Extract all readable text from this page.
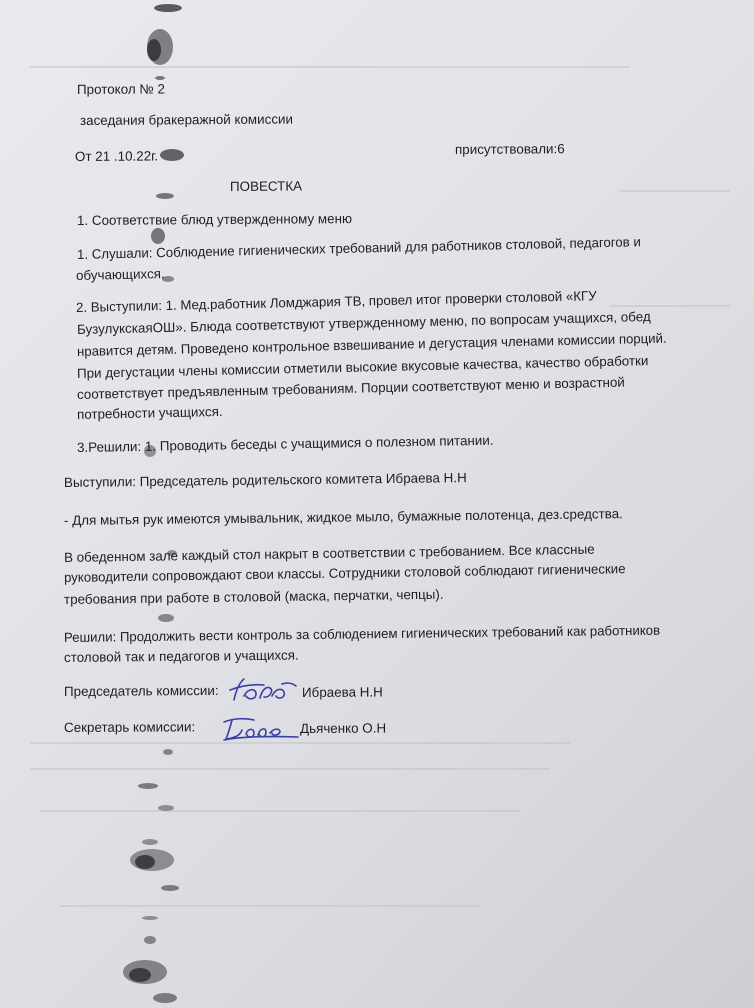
Протокол № 2

заседания бракеражной комиссии

От 21 .10.22г.	присутствовали:6

ПОВЕСТКА

1. Соответствие блюд утвержденному меню

1. Слушали: Соблюдение гигиенических требований для работников столовой, педагогов и

обучающихся.

2. Выступили: 1. Мед.работник Ломджария ТВ, провел итог проверки столовой «КГУ

БузулукскаяОШ». Блюда соответствуют утвержденному меню, по вопросам учащихся, обед

нравится детям. Проведено контрольное взвешивание и дегустация членами комиссии порций.

При дегустации члены комиссии отметили высокие вкусовые качества, качество обработки

соответствует предъявленным требованиям. Порции соответствуют меню и возрастной

потребности учащихся.

3.Решили: 1. Проводить беседы с учащимися о полезном питании.

Выступили: Председатель родительского комитета Ибраева Н.Н

- Для мытья рук имеются умывальник, жидкое мыло, бумажные полотенца, дез.средства.

В обеденном зале каждый стол накрыт в соответствии с требованием. Все классные

руководители сопровождают свои классы. Сотрудники столовой соблюдают гигиенические

требования при работе в столовой (маска, перчатки, чепцы).

Решили: Продолжить вести контроль за соблюдением гигиенических требований как работников

столовой так и педагогов и учащихся.

Председатель комиссии:	Ибраева Н.Н

Секретарь комиссии:	Дьяченко О.Н
